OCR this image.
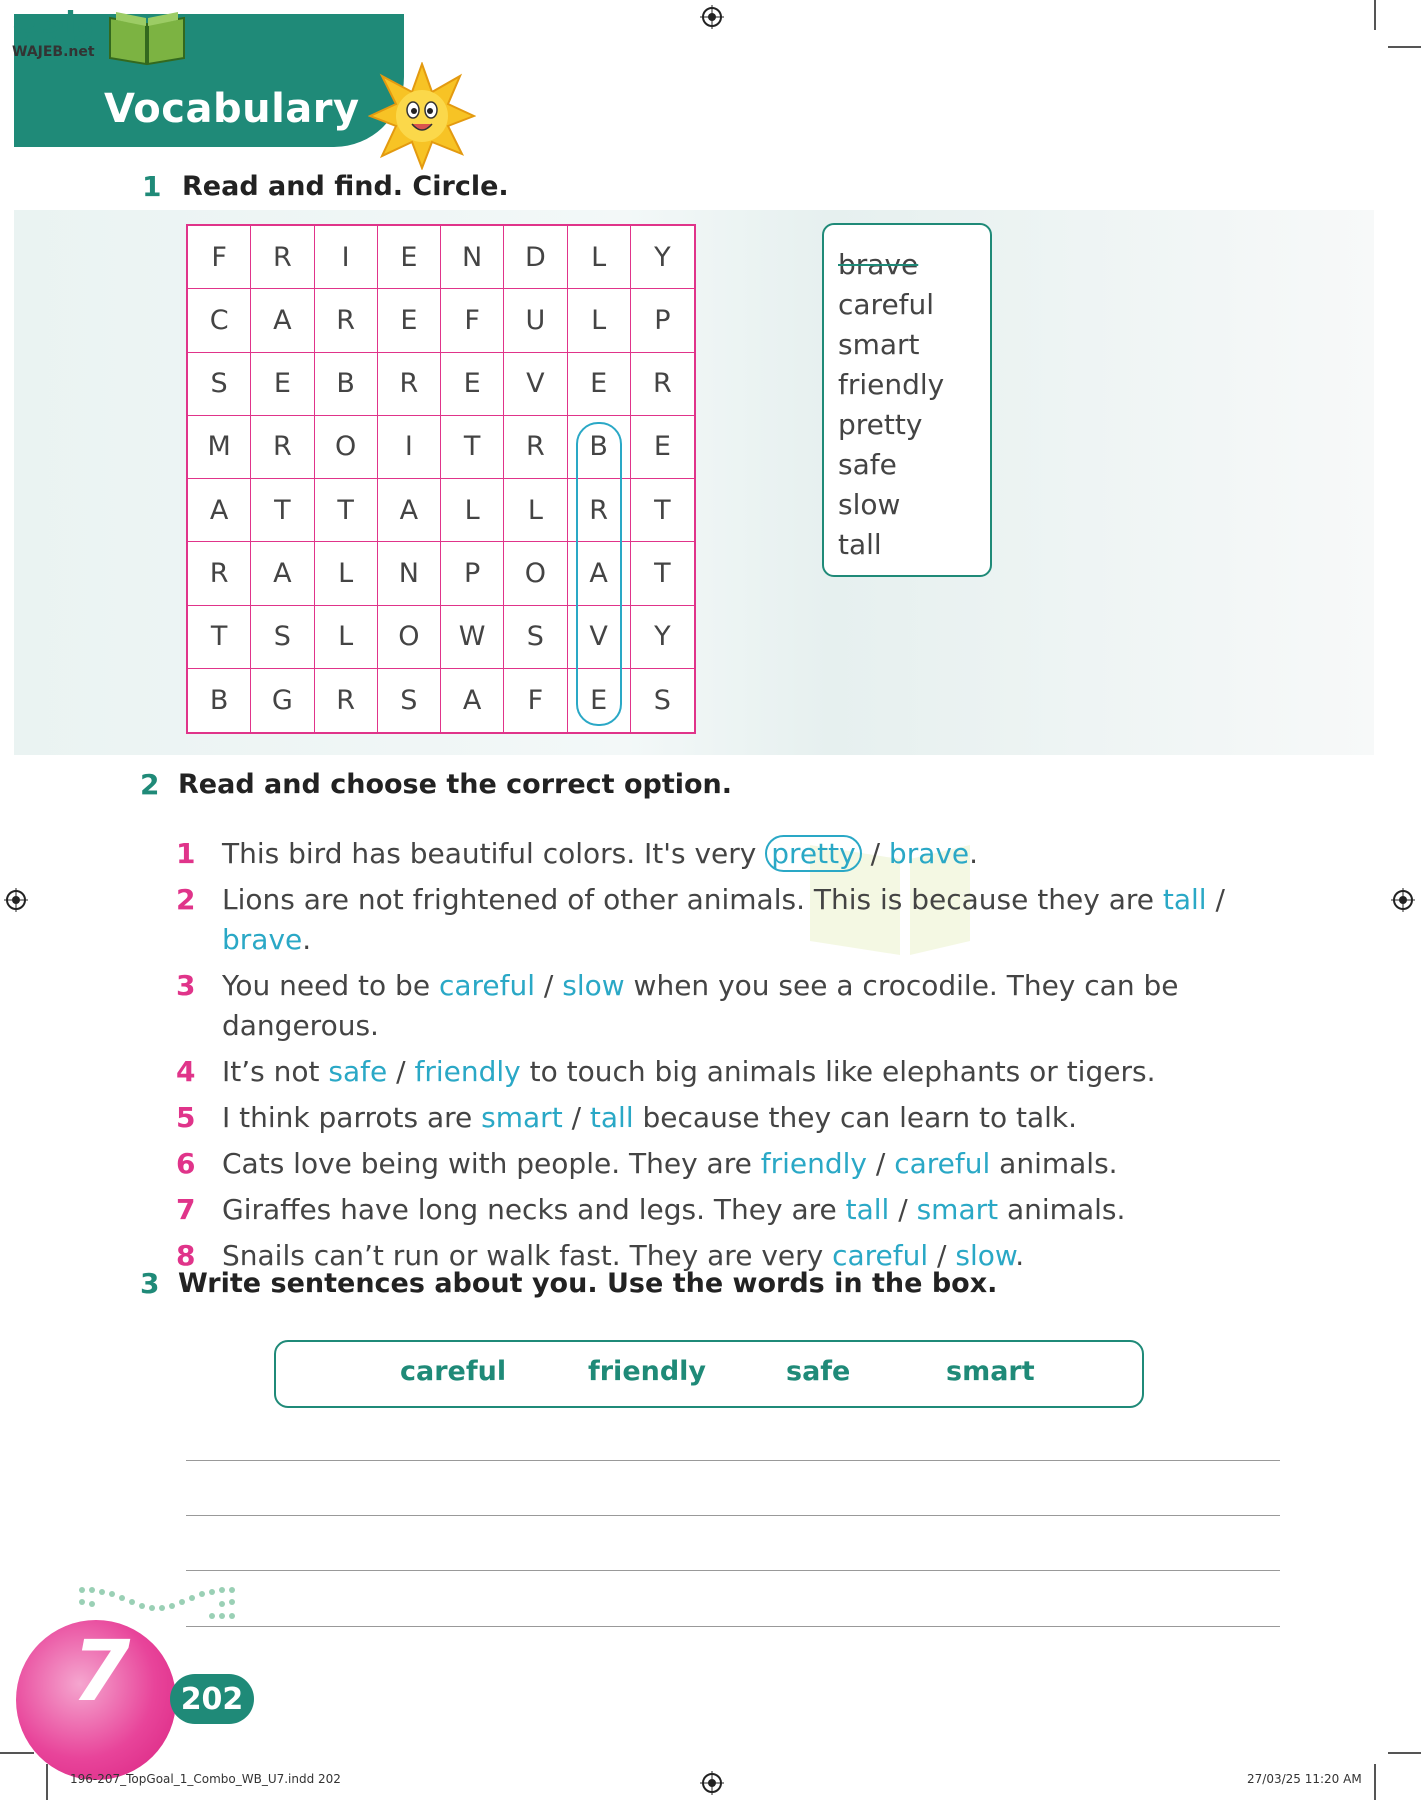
واجب
WAJEB.net
Vocabulary
1 Read and find. Circle.
F	R	I	E	N	D	L	Y
C	A	R	E	F	U	L	P
S	E	B	R	E	V	E	R
M	R	O	I	T	R	B	E
A	T	T	A	L	L	R	T
R	A	L	N	P	O	A	T
T	S	L	O	W	S	V	Y
B	G	R	S	A	F	E	S
brave
careful
smart
friendly
pretty
safe
slow
tall
2 Read and choose the correct option.
1 This bird has beautiful colors. It's very pretty / brave.
2 Lions are not frightened of other animals. This is because they are tall / brave.
3 You need to be careful / slow when you see a crocodile. They can be dangerous.
4 It’s not safe / friendly to touch big animals like elephants or tigers.
5 I think parrots are smart / tall because they can learn to talk.
6 Cats love being with people. They are friendly / careful animals.
7 Giraffes have long necks and legs. They are tall / smart animals.
8 Snails can’t run or walk fast. They are very careful / slow.
3 Write sentences about you. Use the words in the box.
careful	friendly	safe	smart
7	202
196-207_TopGoal_1_Combo_WB_U7.indd 202	27/03/25 11:20 AM
